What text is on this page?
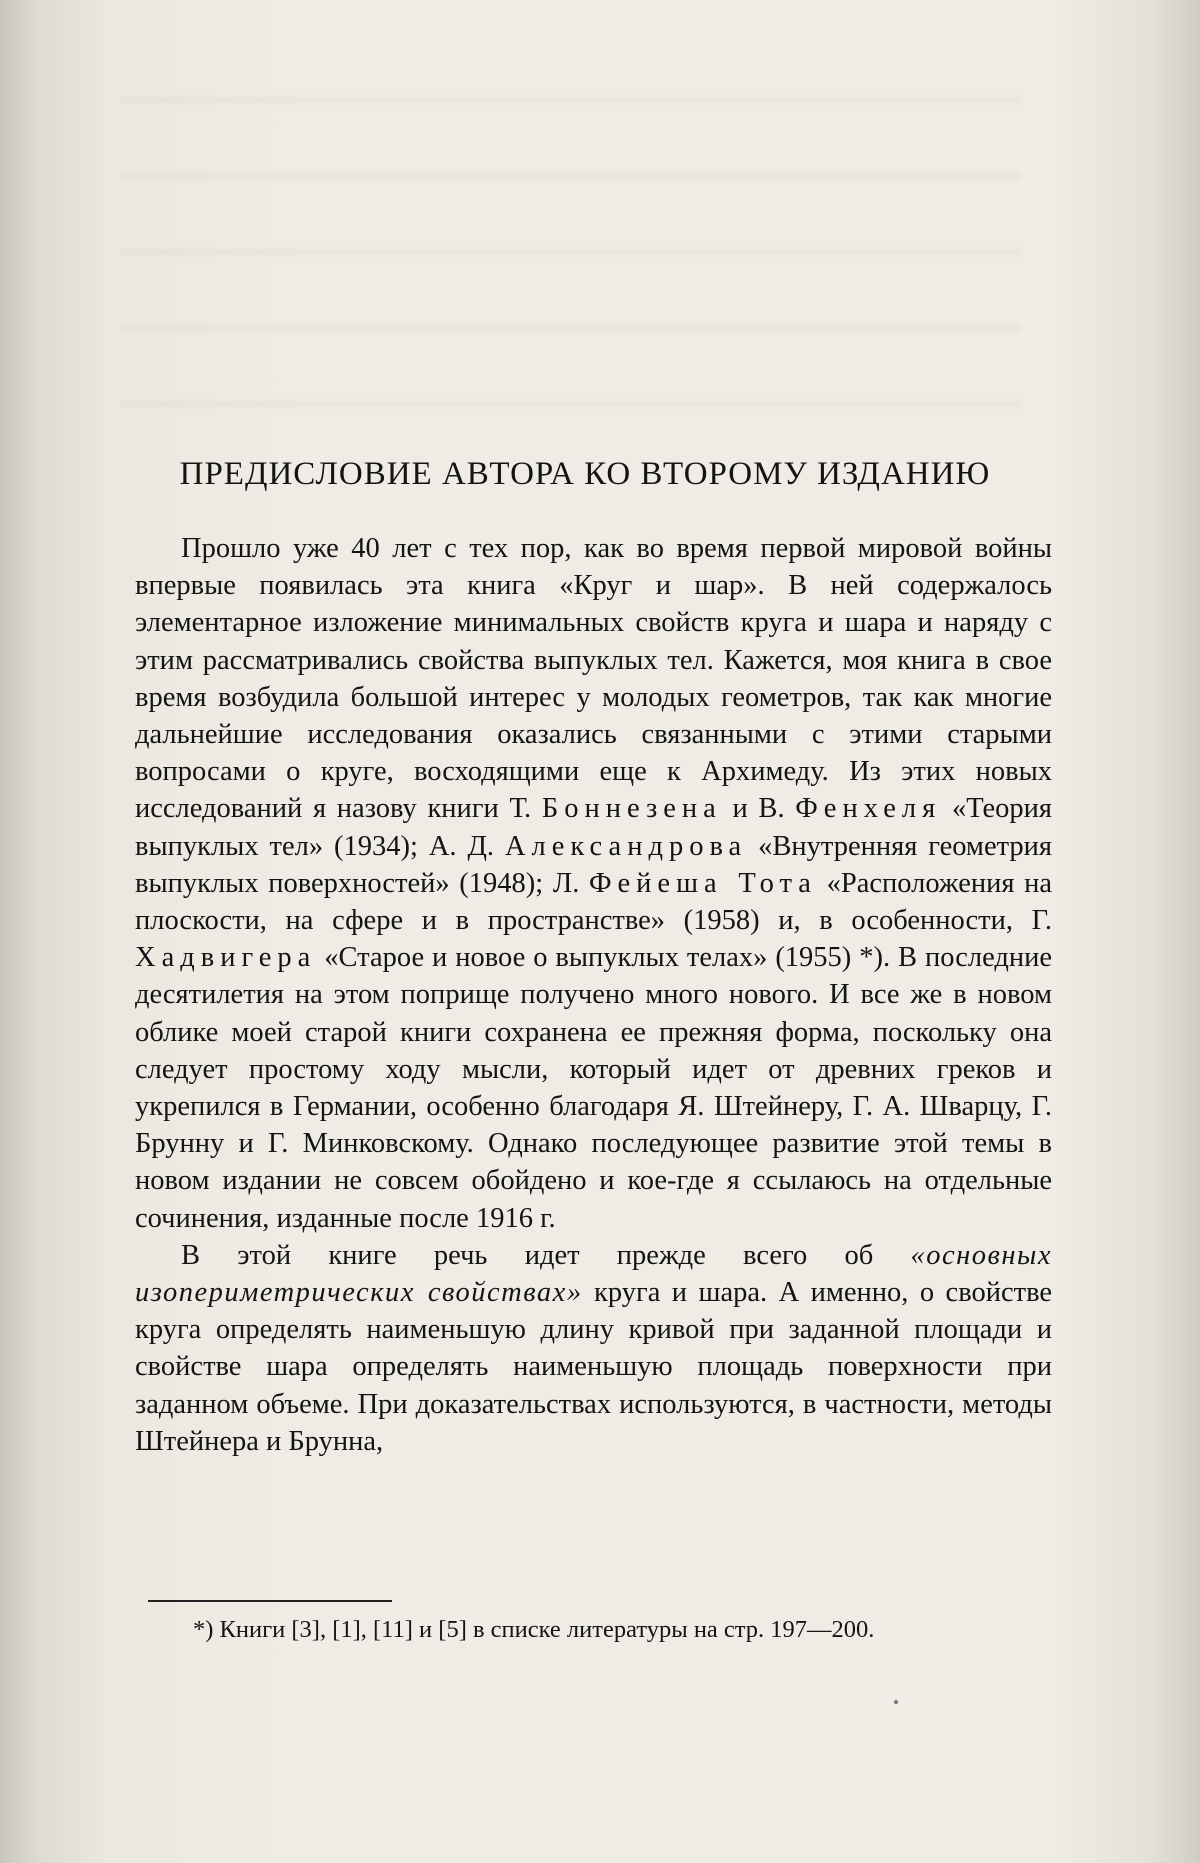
ПРЕДИСЛОВИЕ АВТОРА КО ВТОРОМУ ИЗДАНИЮ

Прошло уже 40 лет с тех пор, как во время первой мировой войны впервые появилась эта книга «Круг и шар». В ней содержалось элементарное изложение минимальных свойств круга и шара и наряду с этим рассматривались свойства выпуклых тел. Кажется, моя книга в свое время возбудила большой интерес у молодых геометров, так как многие дальнейшие исследования оказались связанными с этими старыми вопросами о круге, восходящими еще к Архимеду. Из этих новых исследований я назову книги Т. Боннезена и В. Фенхеля «Теория выпуклых тел» (1934); А. Д. Александрова «Внутренняя геометрия выпуклых поверхностей» (1948); Л. Фейеша Тота «Расположения на плоскости, на сфере и в пространстве» (1958) и, в особенности, Г. Хадвигера «Старое и новое о выпуклых телах» (1955) *). В последние десятилетия на этом поприще получено много нового. И все же в новом облике моей старой книги сохранена ее прежняя форма, поскольку она следует простому ходу мысли, который идет от древних греков и укрепился в Германии, особенно благодаря Я. Штейнеру, Г. А. Шварцу, Г. Брунну и Г. Минковскому. Однако последующее развитие этой темы в новом издании не совсем обойдено и кое-где я ссылаюсь на отдельные сочинения, изданные после 1916 г.

В этой книге речь идет прежде всего об «основных изопериметрических свойствах» круга и шара. А именно, о свойстве круга определять наименьшую длину кривой при заданной площади и свойстве шара определять наименьшую площадь поверхности при заданном объеме. При доказательствах используются, в частности, методы Штейнера и Брунна,

*) Книги [3], [1], [11] и [5] в списке литературы на стр. 197—200.
